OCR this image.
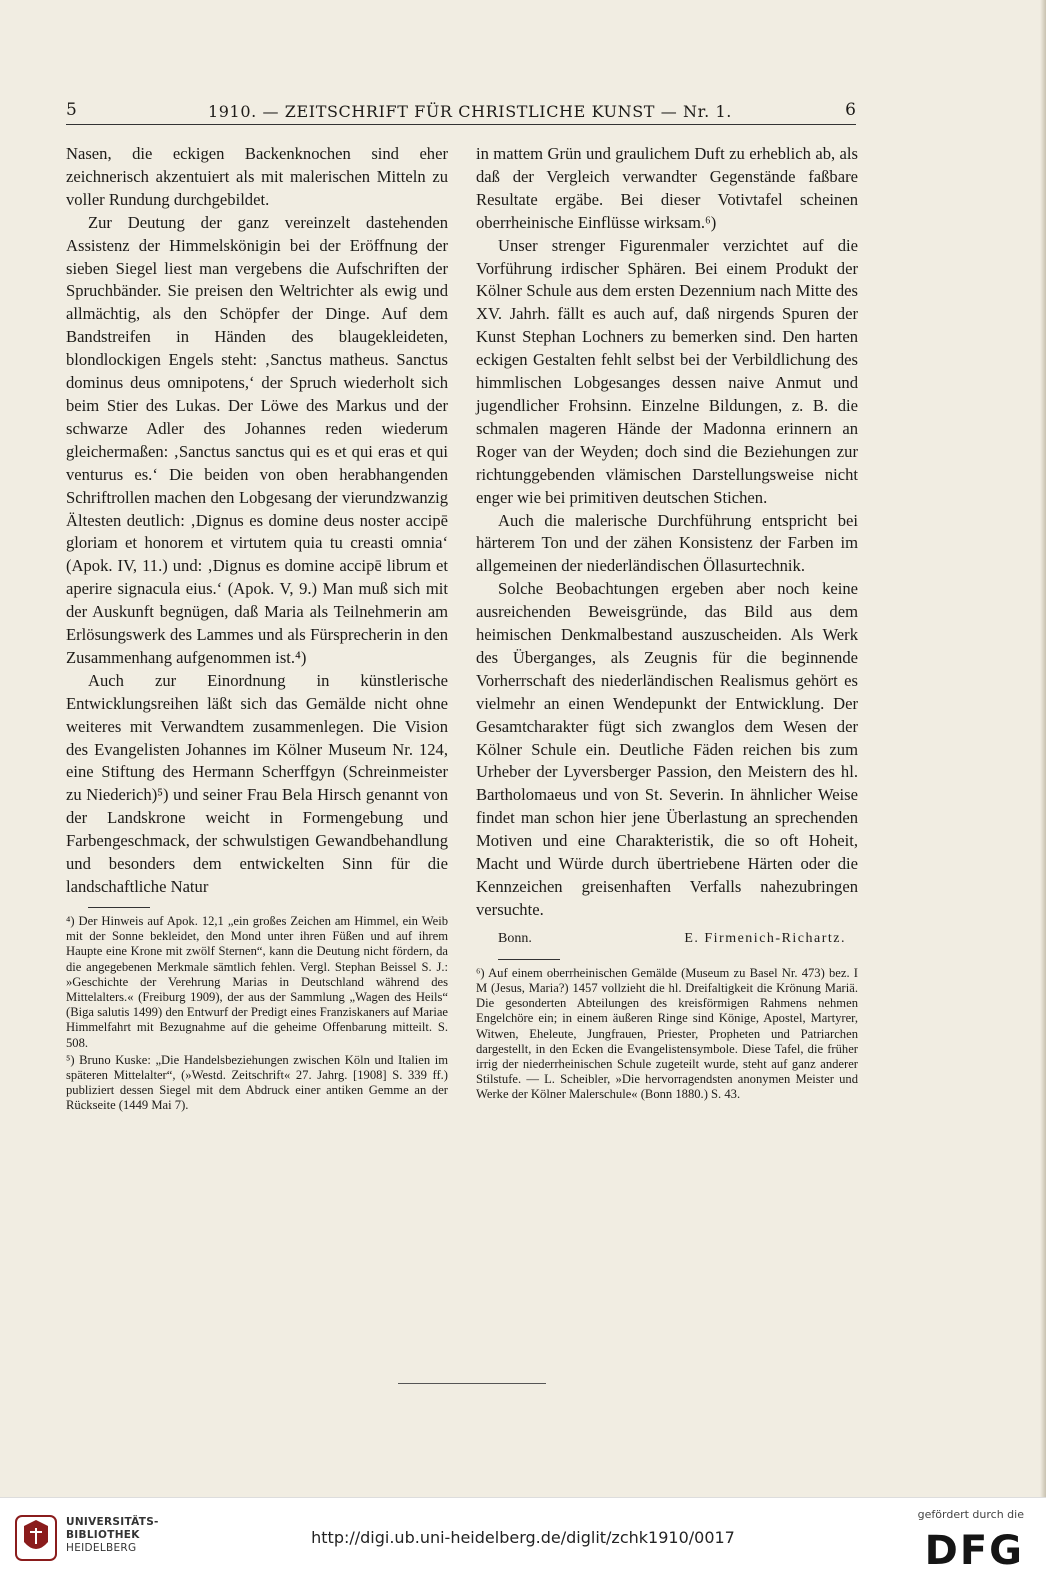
5	1910. — ZEITSCHRIFT FÜR CHRISTLICHE KUNST — Nr. 1.	6

Nasen, die eckigen Backenknochen sind eher zeichnerisch akzentuiert als mit malerischen Mitteln zu voller Rundung durchgebildet.

Zur Deutung der ganz vereinzelt dastehenden Assistenz der Himmelskönigin bei der Eröffnung der sieben Siegel liest man vergebens die Aufschriften der Spruchbänder. Sie preisen den Weltrichter als ewig und allmächtig, als den Schöpfer der Dinge. Auf dem Bandstreifen in Händen des blaugekleideten, blondlockigen Engels steht: ‚Sanctus matheus. Sanctus dominus deus omnipotens,‘ der Spruch wiederholt sich beim Stier des Lukas. Der Löwe des Markus und der schwarze Adler des Johannes reden wiederum gleichermaßen: ‚Sanctus sanctus qui es et qui eras et qui venturus es.‘ Die beiden von oben herabhangenden Schriftrollen machen den Lobgesang der vierundzwanzig Ältesten deutlich: ‚Dignus es domine deus noster accipē gloriam et honorem et virtutem quia tu creasti omnia‘ (Apok. IV, 11.) und: ‚Dignus es domine accipē librum et aperire signacula eius.‘ (Apok. V, 9.) Man muß sich mit der Auskunft begnügen, daß Maria als Teilnehmerin am Erlösungswerk des Lammes und als Fürsprecherin in den Zusammenhang aufgenommen ist.⁴)

Auch zur Einordnung in künstlerische Entwicklungsreihen läßt sich das Gemälde nicht ohne weiteres mit Verwandtem zusammenlegen. Die Vision des Evangelisten Johannes im Kölner Museum Nr. 124, eine Stiftung des Hermann Scherffgyn (Schreinmeister zu Niederich)⁵) und seiner Frau Bela Hirsch genannt von der Landskrone weicht in Formengebung und Farbengeschmack, der schwulstigen Gewandbehandlung und besonders dem entwickelten Sinn für die landschaftliche Natur

⁴) Der Hinweis auf Apok. 12,1 „ein großes Zeichen am Himmel, ein Weib mit der Sonne bekleidet, den Mond unter ihren Füßen und auf ihrem Haupte eine Krone mit zwölf Sternen“, kann die Deutung nicht fördern, da die angegebenen Merkmale sämtlich fehlen. Vergl. Stephan Beissel S. J.: »Geschichte der Verehrung Marias in Deutschland während des Mittelalters.« (Freiburg 1909), der aus der Sammlung „Wagen des Heils“ (Biga salutis 1499) den Entwurf der Predigt eines Franziskaners auf Mariae Himmelfahrt mit Bezugnahme auf die geheime Offenbarung mitteilt. S. 508.

⁵) Bruno Kuske: „Die Handelsbeziehungen zwischen Köln und Italien im späteren Mittelalter“, (»Westd. Zeitschrift« 27. Jahrg. [1908] S. 339 ff.) publiziert dessen Siegel mit dem Abdruck einer antiken Gemme an der Rückseite (1449 Mai 7).

in mattem Grün und graulichem Duft zu erheblich ab, als daß der Vergleich verwandter Gegenstände faßbare Resultate ergäbe. Bei dieser Votivtafel scheinen oberrheinische Einflüsse wirksam.⁶)

Unser strenger Figurenmaler verzichtet auf die Vorführung irdischer Sphären. Bei einem Produkt der Kölner Schule aus dem ersten Dezennium nach Mitte des XV. Jahrh. fällt es auch auf, daß nirgends Spuren der Kunst Stephan Lochners zu bemerken sind. Den harten eckigen Gestalten fehlt selbst bei der Verbildlichung des himmlischen Lobgesanges dessen naive Anmut und jugendlicher Frohsinn. Einzelne Bildungen, z. B. die schmalen mageren Hände der Madonna erinnern an Roger van der Weyden; doch sind die Beziehungen zur richtunggebenden vlämischen Darstellungsweise nicht enger wie bei primitiven deutschen Stichen.

Auch die malerische Durchführung entspricht bei härterem Ton und der zähen Konsistenz der Farben im allgemeinen der niederländischen Öllasurtechnik.

Solche Beobachtungen ergeben aber noch keine ausreichenden Beweisgründe, das Bild aus dem heimischen Denkmalbestand auszuscheiden. Als Werk des Überganges, als Zeugnis für die beginnende Vorherrschaft des niederländischen Realismus gehört es vielmehr an einen Wendepunkt der Entwicklung. Der Gesamtcharakter fügt sich zwanglos dem Wesen der Kölner Schule ein. Deutliche Fäden reichen bis zum Urheber der Lyversberger Passion, den Meistern des hl. Bartholomaeus und von St. Severin. In ähnlicher Weise findet man schon hier jene Überlastung an sprechenden Motiven und eine Charakteristik, die so oft Hoheit, Macht und Würde durch übertriebene Härten oder die Kennzeichen greisenhaften Verfalls nahezubringen versuchte.

Bonn.	E. Firmenich-Richartz.

⁶) Auf einem oberrheinischen Gemälde (Museum zu Basel Nr. 473) bez. I M (Jesus, Maria?) 1457 vollzieht die hl. Dreifaltigkeit die Krönung Mariä. Die gesonderten Abteilungen des kreisförmigen Rahmens nehmen Engelchöre ein; in einem äußeren Ringe sind Könige, Apostel, Martyrer, Witwen, Eheleute, Jungfrauen, Priester, Propheten und Patriarchen dargestellt, in den Ecken die Evangelistensymbole. Diese Tafel, die früher irrig der niederrheinischen Schule zugeteilt wurde, steht auf ganz anderer Stilstufe. — L. Scheibler, »Die hervorragendsten anonymen Meister und Werke der Kölner Malerschule« (Bonn 1880.) S. 43.

UNIVERSITÄTS-
BIBLIOTHEK
HEIDELBERG
http://digi.ub.uni-heidelberg.de/diglit/zchk1910/0017
gefördert durch die
DFG
